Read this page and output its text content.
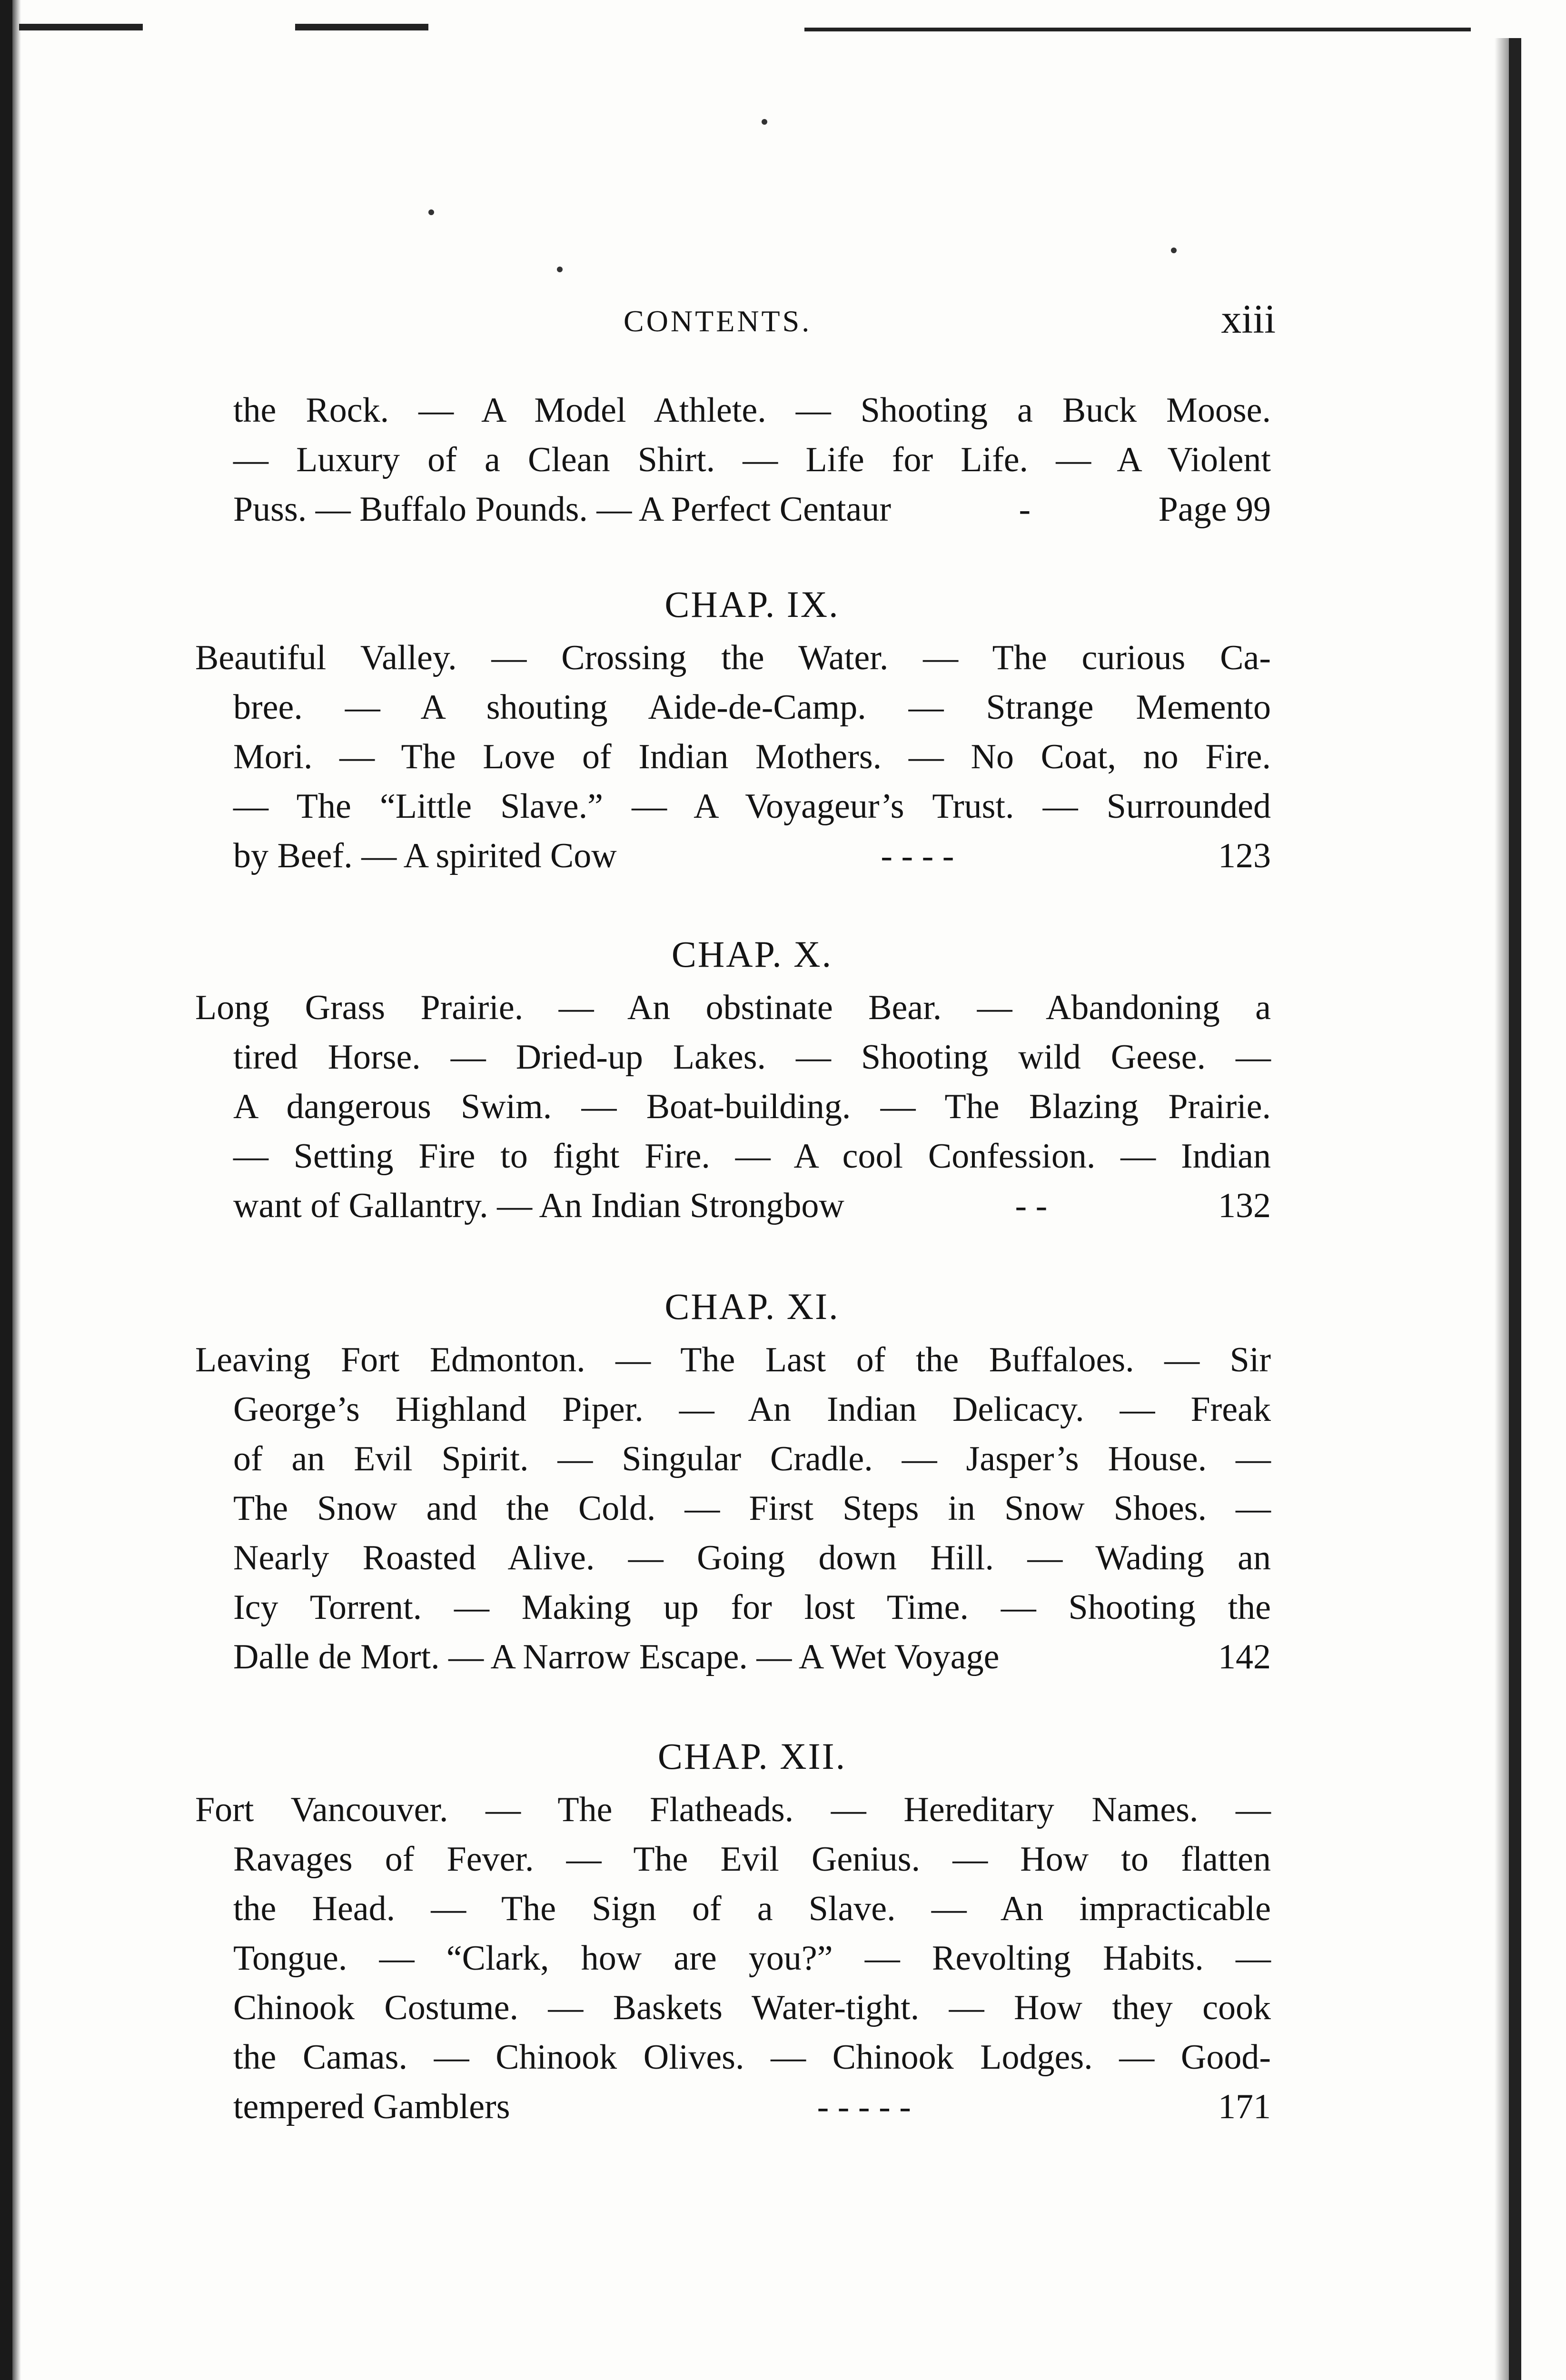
CONTENTS.	xiii
the Rock. — A Model Athlete. — Shooting a Buck Moose.
— Luxury of a Clean Shirt. — Life for Life. — A Violent
Puss. — Buffalo Pounds. — A Perfect Centaur	-	Page 99
CHAP. IX.
Beautiful Valley. — Crossing the Water. — The curious Ca-
bree. — A shouting Aide-de-Camp. — Strange Memento
Mori. — The Love of Indian Mothers. — No Coat, no Fire.
— The “Little Slave.” — A Voyageur’s Trust. — Surrounded
by Beef. — A spirited Cow	- - - -	123
CHAP. X.
Long Grass Prairie. — An obstinate Bear. — Abandoning a
tired Horse. — Dried-up Lakes. — Shooting wild Geese. —
A dangerous Swim. — Boat-building. — The Blazing Prairie.
— Setting Fire to fight Fire. — A cool Confession. — Indian
want of Gallantry. — An Indian Strongbow	- -	132
CHAP. XI.
Leaving Fort Edmonton. — The Last of the Buffaloes. — Sir
George’s Highland Piper. — An Indian Delicacy. — Freak
of an Evil Spirit. — Singular Cradle. — Jasper’s House. —
The Snow and the Cold. — First Steps in Snow Shoes. —
Nearly Roasted Alive. — Going down Hill. — Wading an
Icy Torrent. — Making up for lost Time. — Shooting the
Dalle de Mort. — A Narrow Escape. — A Wet Voyage	142
CHAP. XII.
Fort Vancouver. — The Flatheads. — Hereditary Names. —
Ravages of Fever. — The Evil Genius. — How to flatten
the Head. — The Sign of a Slave. — An impracticable
Tongue. — “Clark, how are you?” — Revolting Habits. —
Chinook Costume. — Baskets Water-tight. — How they cook
the Camas. — Chinook Olives. — Chinook Lodges. — Good-
tempered Gamblers	- - - - -	171
